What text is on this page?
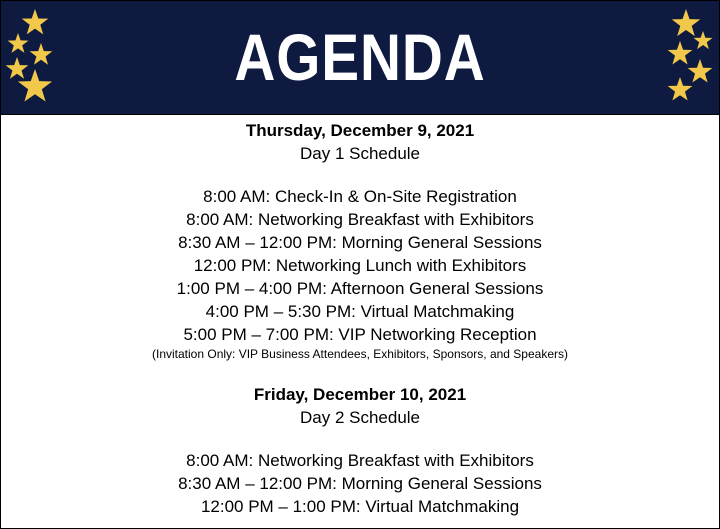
AGENDA
Thursday, December 9, 2021
Day 1 Schedule
8:00 AM: Check-In & On-Site Registration
8:00 AM: Networking Breakfast with Exhibitors
8:30 AM – 12:00 PM: Morning General Sessions
12:00 PM: Networking Lunch with Exhibitors
1:00 PM – 4:00 PM: Afternoon General Sessions
4:00 PM – 5:30 PM: Virtual Matchmaking
5:00 PM – 7:00 PM: VIP Networking Reception
(Invitation Only: VIP Business Attendees, Exhibitors, Sponsors, and Speakers)
Friday, December 10, 2021
Day 2 Schedule
8:00 AM: Networking Breakfast with Exhibitors
8:30 AM – 12:00 PM: Morning General Sessions
12:00 PM – 1:00 PM: Virtual Matchmaking
